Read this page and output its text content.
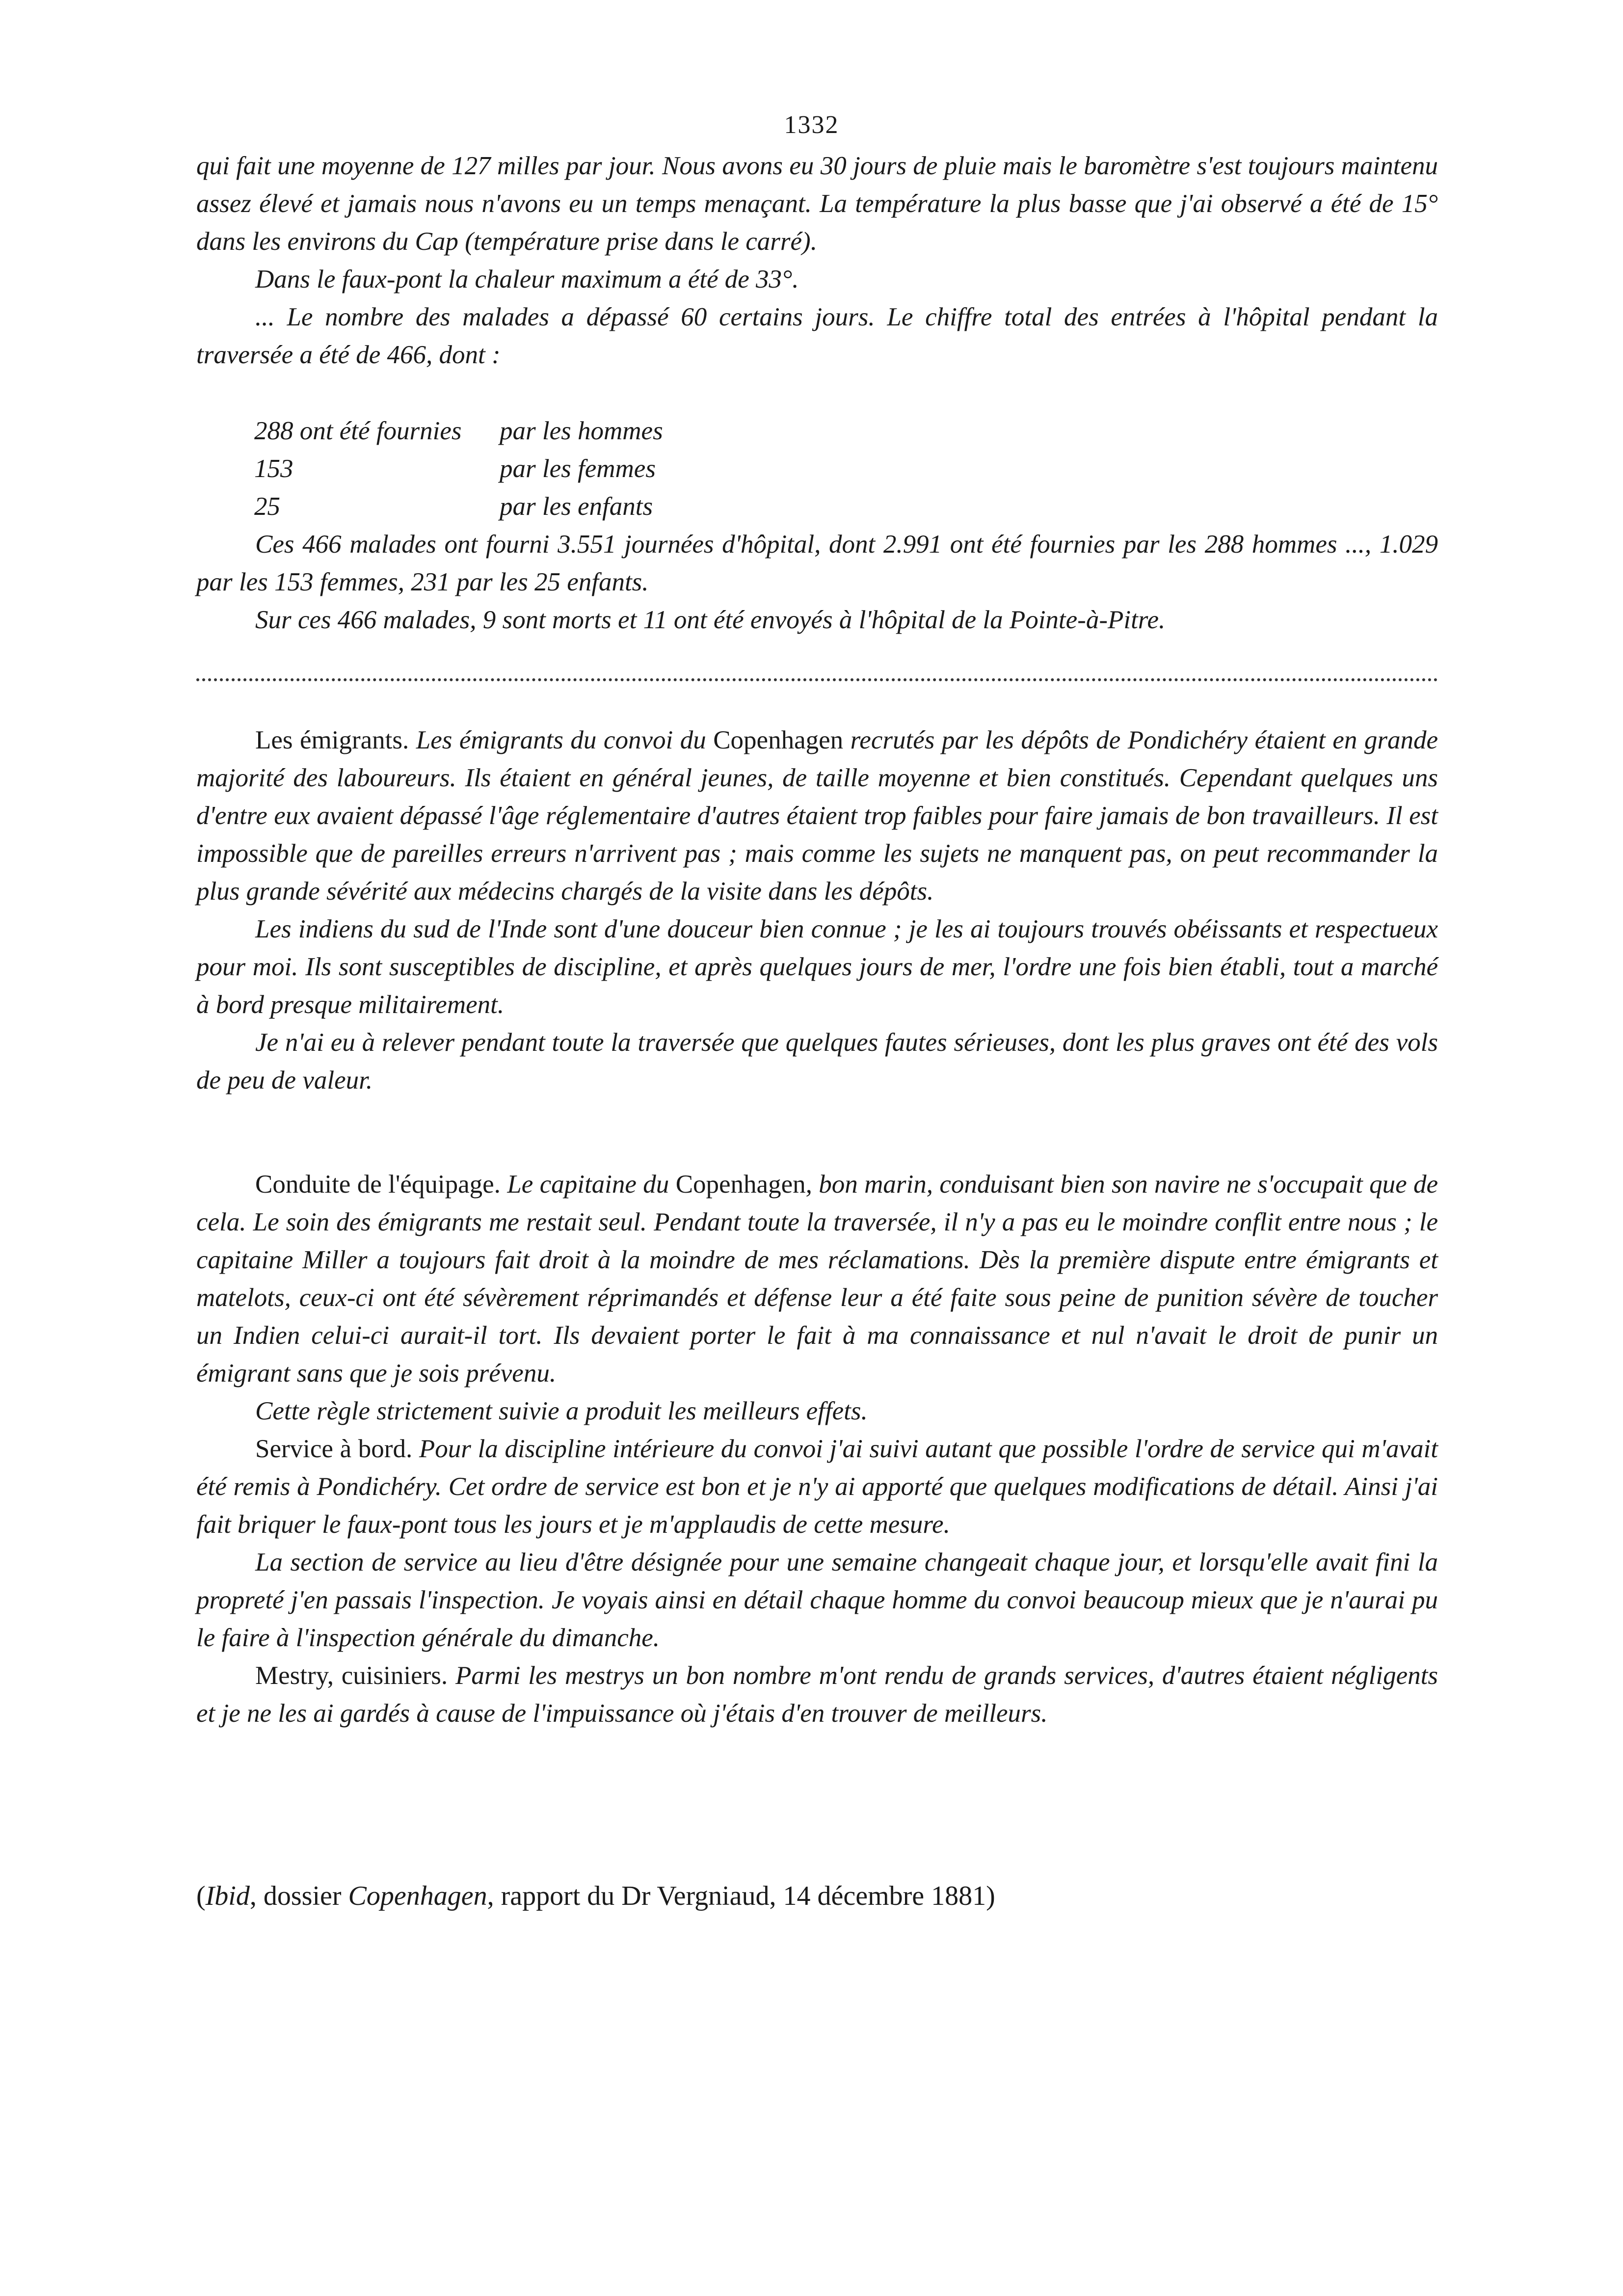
1332

qui fait une moyenne de 127 milles par jour. Nous avons eu 30 jours de pluie mais le baromètre s'est toujours maintenu assez élevé et jamais nous n'avons eu un temps menaçant. La température la plus basse que j'ai observé a été de 15° dans les environs du Cap (température prise dans le carré).

Dans le faux-pont la chaleur maximum a été de 33°.

... Le nombre des malades a dépassé 60 certains jours. Le chiffre total des entrées à l'hôpital pendant la traversée a été de 466, dont :

288 ont été fournies	par les hommes
153	par les femmes
25	par les enfants

Ces 466 malades ont fourni 3.551 journées d'hôpital, dont 2.991 ont été fournies par les 288 hommes ..., 1.029 par les 153 femmes, 231 par les 25 enfants.

Sur ces 466 malades, 9 sont morts et 11 ont été envoyés à l'hôpital de la Pointe-à-Pitre.

Les émigrants. Les émigrants du convoi du Copenhagen recrutés par les dépôts de Pondichéry étaient en grande majorité des laboureurs. Ils étaient en général jeunes, de taille moyenne et bien constitués. Cependant quelques uns d'entre eux avaient dépassé l'âge réglementaire d'autres étaient trop faibles pour faire jamais de bon travailleurs. Il est impossible que de pareilles erreurs n'arrivent pas ; mais comme les sujets ne manquent pas, on peut recommander la plus grande sévérité aux médecins chargés de la visite dans les dépôts.

Les indiens du sud de l'Inde sont d'une douceur bien connue ; je les ai toujours trouvés obéissants et respectueux pour moi. Ils sont susceptibles de discipline, et après quelques jours de mer, l'ordre une fois bien établi, tout a marché à bord presque militairement.

Je n'ai eu à relever pendant toute la traversée que quelques fautes sérieuses, dont les plus graves ont été des vols de peu de valeur.

Conduite de l'équipage. Le capitaine du Copenhagen, bon marin, conduisant bien son navire ne s'occupait que de cela. Le soin des émigrants me restait seul. Pendant toute la traversée, il n'y a pas eu le moindre conflit entre nous ; le capitaine Miller a toujours fait droit à la moindre de mes réclamations. Dès la première dispute entre émigrants et matelots, ceux-ci ont été sévèrement réprimandés et défense leur a été faite sous peine de punition sévère de toucher un Indien celui-ci aurait-il tort. Ils devaient porter le fait à ma connaissance et nul n'avait le droit de punir un émigrant sans que je sois prévenu.

Cette règle strictement suivie a produit les meilleurs effets.

Service à bord. Pour la discipline intérieure du convoi j'ai suivi autant que possible l'ordre de service qui m'avait été remis à Pondichéry. Cet ordre de service est bon et je n'y ai apporté que quelques modifications de détail. Ainsi j'ai fait briquer le faux-pont tous les jours et je m'applaudis de cette mesure.

La section de service au lieu d'être désignée pour une semaine changeait chaque jour, et lorsqu'elle avait fini la propreté j'en passais l'inspection. Je voyais ainsi en détail chaque homme du convoi beaucoup mieux que je n'aurai pu le faire à l'inspection générale du dimanche.

Mestry, cuisiniers. Parmi les mestrys un bon nombre m'ont rendu de grands services, d'autres étaient négligents et je ne les ai gardés à cause de l'impuissance où j'étais d'en trouver de meilleurs.

(Ibid, dossier Copenhagen, rapport du Dr Vergniaud, 14 décembre 1881)
